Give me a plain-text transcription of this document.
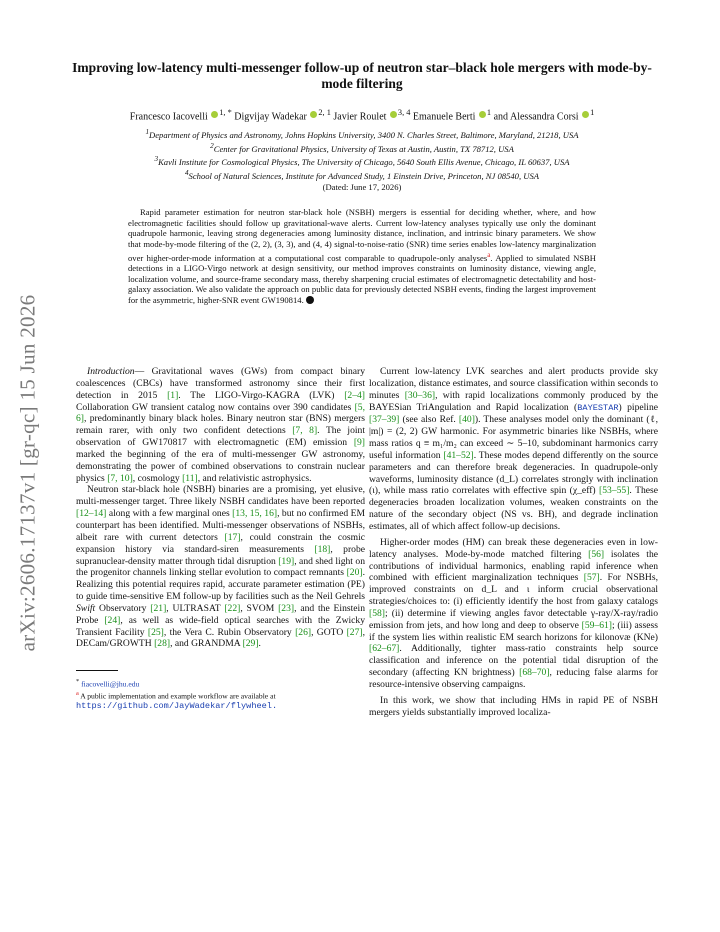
arXiv:2606.17137v1 [gr-qc] 15 Jun 2026
Improving low-latency multi-messenger follow-up of neutron star–black hole mergers with mode-by-mode filtering
Francesco Iacovelli $^{1, *}$ Digvijay Wadekar $^{2, 1}$ Javier Roulet $^{3, 4}$ Emanuele Berti $^1$ and Alessandra Corsi $^1$
$^1$Department of Physics and Astronomy, Johns Hopkins University, 3400 N. Charles Street, Baltimore, Maryland, 21218, USA
$^2$Center for Gravitational Physics, University of Texas at Austin, Austin, TX 78712, USA
$^3$Kavli Institute for Cosmological Physics, The University of Chicago, 5640 South Ellis Avenue, Chicago, IL 60637, USA
$^4$School of Natural Sciences, Institute for Advanced Study, 1 Einstein Drive, Princeton, NJ 08540, USA
(Dated: June 17, 2026)
Rapid parameter estimation for neutron star-black hole (NSBH) mergers is essential for deciding whether, where, and how electromagnetic facilities should follow up gravitational-wave alerts. Current low-latency analyses typically use only the dominant quadrupole harmonic, leaving strong degeneracies among luminosity distance, inclination, and intrinsic binary parameters. We show that mode-by-mode filtering of the (2, 2), (3, 3), and (4, 4) signal-to-noise-ratio (SNR) time series enables low-latency marginalization over higher-order-mode information at a computational cost comparable to quadrupole-only analyses$^a$. Applied to simulated NSBH detections in a LIGO-Virgo network at design sensitivity, our method improves constraints on luminosity distance, viewing angle, localization volume, and source-frame secondary mass, thereby sharpening crucial estimates of electromagnetic detectability and host-galaxy association. We also validate the approach on public data for previously detected NSBH events, finding the largest improvement for the asymmetric, higher-SNR event GW190814.

Introduction— Gravitational waves (GWs) from compact binary coalescences (CBCs) have transformed astronomy since their first detection in 2015 [1]. The LIGO-Virgo-KAGRA (LVK) [2–4] Collaboration GW transient catalog now contains over 390 candidates [5, 6], predominantly binary black holes. Binary neutron star (BNS) mergers remain rarer, with only two confident detections [7, 8]. The joint observation of GW170817 with electromagnetic (EM) emission [9] marked the beginning of the era of multi-messenger GW astronomy, demonstrating the power of combined observations to constrain nuclear physics [7, 10], cosmology [11], and relativistic astrophysics.

Neutron star-black hole (NSBH) binaries are a promising, yet elusive, multi-messenger target. Three likely NSBH candidates have been reported [12–14] along with a few marginal ones [13, 15, 16], but no confirmed EM counterpart has been identified. Multi-messenger observations of NSBHs, albeit rare with current detectors [17], could constrain the cosmic expansion history via standard-siren measurements [18], probe supranuclear-density matter through tidal disruption [19], and shed light on the progenitor channels linking stellar evolution to compact remnants [20]. Realizing this potential requires rapid, accurate parameter estimation (PE) to guide time-sensitive EM follow-up by facilities such as the Neil Gehrels Swift Observatory [21], ULTRASAT [22], SVOM [23], and the Einstein Probe [24], as well as wide-field optical searches with the Zwicky Transient Facility [25], the Vera C. Rubin Observatory [26], GOTO [27], DECam/GROWTH [28], and GRANDMA [29].

* fiacovelli@jhu.edu

$^a$ A public implementation and example workflow are available at
https://github.com/JayWadekar/flywheel.

Current low-latency LVK searches and alert products provide sky localization, distance estimates, and source classification within seconds to minutes [30–36], with rapid localizations commonly produced by the BAYESian TriAngulation and Rapid localization (BAYESTAR) pipeline [37–39] (see also Ref. [40]). These analyses model only the dominant (ℓ, |m|) = (2, 2) GW harmonic. For asymmetric binaries like NSBHs, where mass ratios q ≡ m₁/m₂ can exceed ∼ 5–10, subdominant harmonics carry useful information [41–52]. These modes depend differently on the source parameters and can therefore break degeneracies. In quadrupole-only waveforms, luminosity distance (d_L) correlates strongly with inclination (ι), while mass ratio correlates with effective spin (χ_eff) [53–55]. These degeneracies broaden localization volumes, weaken constraints on the nature of the secondary object (NS vs. BH), and degrade inclination estimates, all of which affect follow-up decisions.

Higher-order modes (HM) can break these degeneracies even in low-latency analyses. Mode-by-mode matched filtering [56] isolates the contributions of individual harmonics, enabling rapid inference when combined with efficient marginalization techniques [57]. For NSBHs, improved constraints on d_L and ι inform crucial observational strategies/choices to: (i) efficiently identify the host from galaxy catalogs [58]; (ii) determine if viewing angles favor detectable γ-ray/X-ray/radio emission from jets, and how long and deep to observe [59–61]; (iii) assess if the system lies within realistic EM search horizons for kilonovæ (KNe) [62–67]. Additionally, tighter mass-ratio constraints help source classification and inference on the potential tidal disruption of the secondary (affecting KN brightness) [68–70], reducing false alarms for resource-intensive observing campaigns.

In this work, we show that including HMs in rapid PE of NSBH mergers yields substantially improved localiza-
